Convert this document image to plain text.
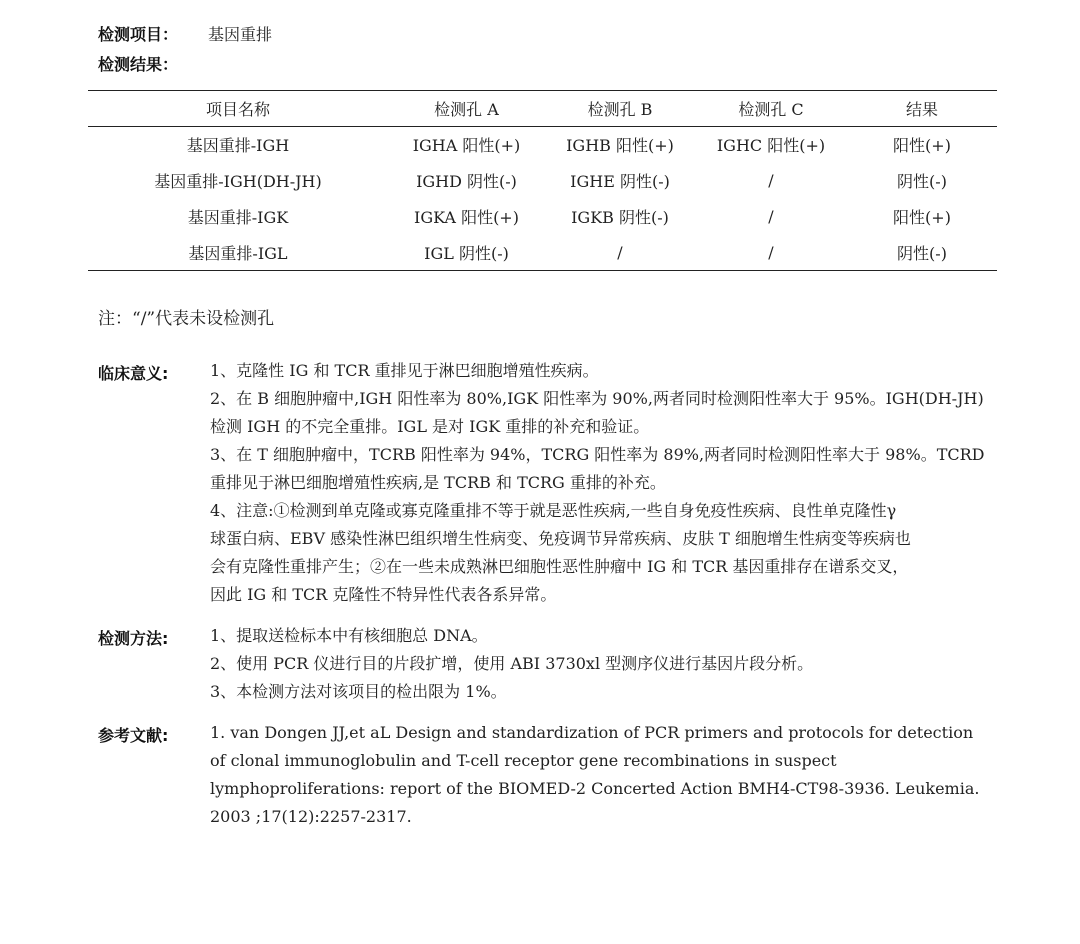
检测项目： 基因重排
检测结果：
项目名称	检测孔 A	检测孔 B	检测孔 C	结果
基因重排-IGH	IGHA 阳性(+)	IGHB 阳性(+)	IGHC 阳性(+)	阳性(+)
基因重排-IGH(DH-JH)	IGHD 阴性(-)	IGHE 阴性(-)	/	阴性(-)
基因重排-IGK	IGKA 阳性(+)	IGKB 阴性(-)	/	阳性(+)
基因重排-IGL	IGL 阴性(-)	/	/	阴性(-)
注：“/”代表未设检测孔
临床意义:	1、克隆性 IG 和 TCR 重排见于淋巴细胞增殖性疾病。
2、在 B 细胞肿瘤中,IGH 阳性率为 80%,IGK 阳性率为 90%,两者同时检测阳性率大于 95%。IGH(DH-JH)
检测 IGH 的不完全重排。IGL 是对 IGK 重排的补充和验证。
3、在 T 细胞肿瘤中，TCRB 阳性率为 94%，TCRG 阳性率为 89%,两者同时检测阳性率大于 98%。TCRD
重排见于淋巴细胞增殖性疾病,是 TCRB 和 TCRG 重排的补充。
4、注意:①检测到单克隆或寡克隆重排不等于就是恶性疾病,一些自身免疫性疾病、良性单克隆性γ
球蛋白病、EBV 感染性淋巴组织增生性病变、免疫调节异常疾病、皮肤 T 细胞增生性病变等疾病也
会有克隆性重排产生；②在一些未成熟淋巴细胞性恶性肿瘤中 IG 和 TCR 基因重排存在谱系交叉，
因此 IG 和 TCR 克隆性不特异性代表各系异常。
检测方法:	1、提取送检标本中有核细胞总 DNA。
2、使用 PCR 仪进行目的片段扩增，使用 ABI 3730xl 型测序仪进行基因片段分析。
3、本检测方法对该项目的检出限为 1%。
参考文献:	1. van Dongen JJ,et aL Design and standardization of PCR primers and protocols for detection
of clonal immunoglobulin and T-cell receptor gene recombinations in suspect
lymphoproliferations: report of the BIOMED-2 Concerted Action BMH4-CT98-3936. Leukemia.
2003 ;17(12):2257-2317.
